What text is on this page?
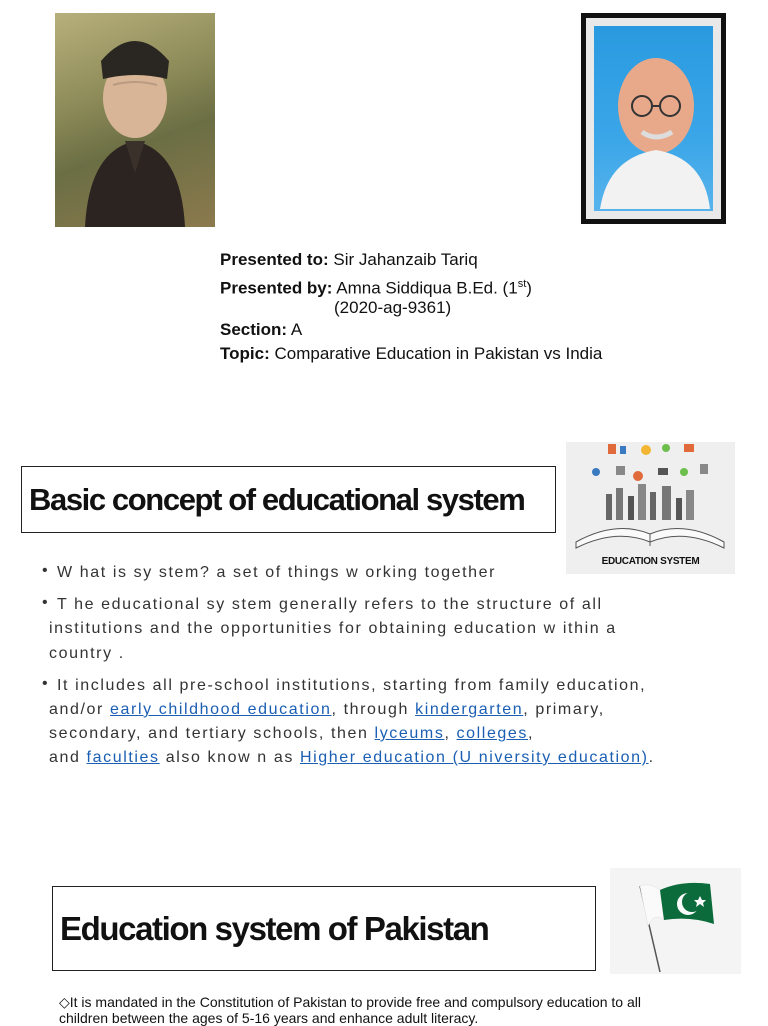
Presented to: Sir Jahanzaib Tariq
Presented by: Amna Siddiqua B.Ed. (1st)
(2020-ag-9361)
Section: A
Topic: Comparative Education in Pakistan vs India
Basic concept of educational system
EDUCATION SYSTEM
• W hat is sy stem? a set of things w orking together
• T he educational sy stem generally refers to the structure of all
institutions and the opportunities for obtaining education w ithin a
country .
• It includes all pre-school institutions, starting from family education,
and/or early childhood education, through kindergarten, primary,
secondary, and tertiary schools, then lyceums, colleges,
and faculties also know n as Higher education (U niversity education).
Education system of Pakistan
◇It is mandated in the Constitution of Pakistan to provide free and compulsory education to all
children between the ages of 5-16 years and enhance adult literacy.
